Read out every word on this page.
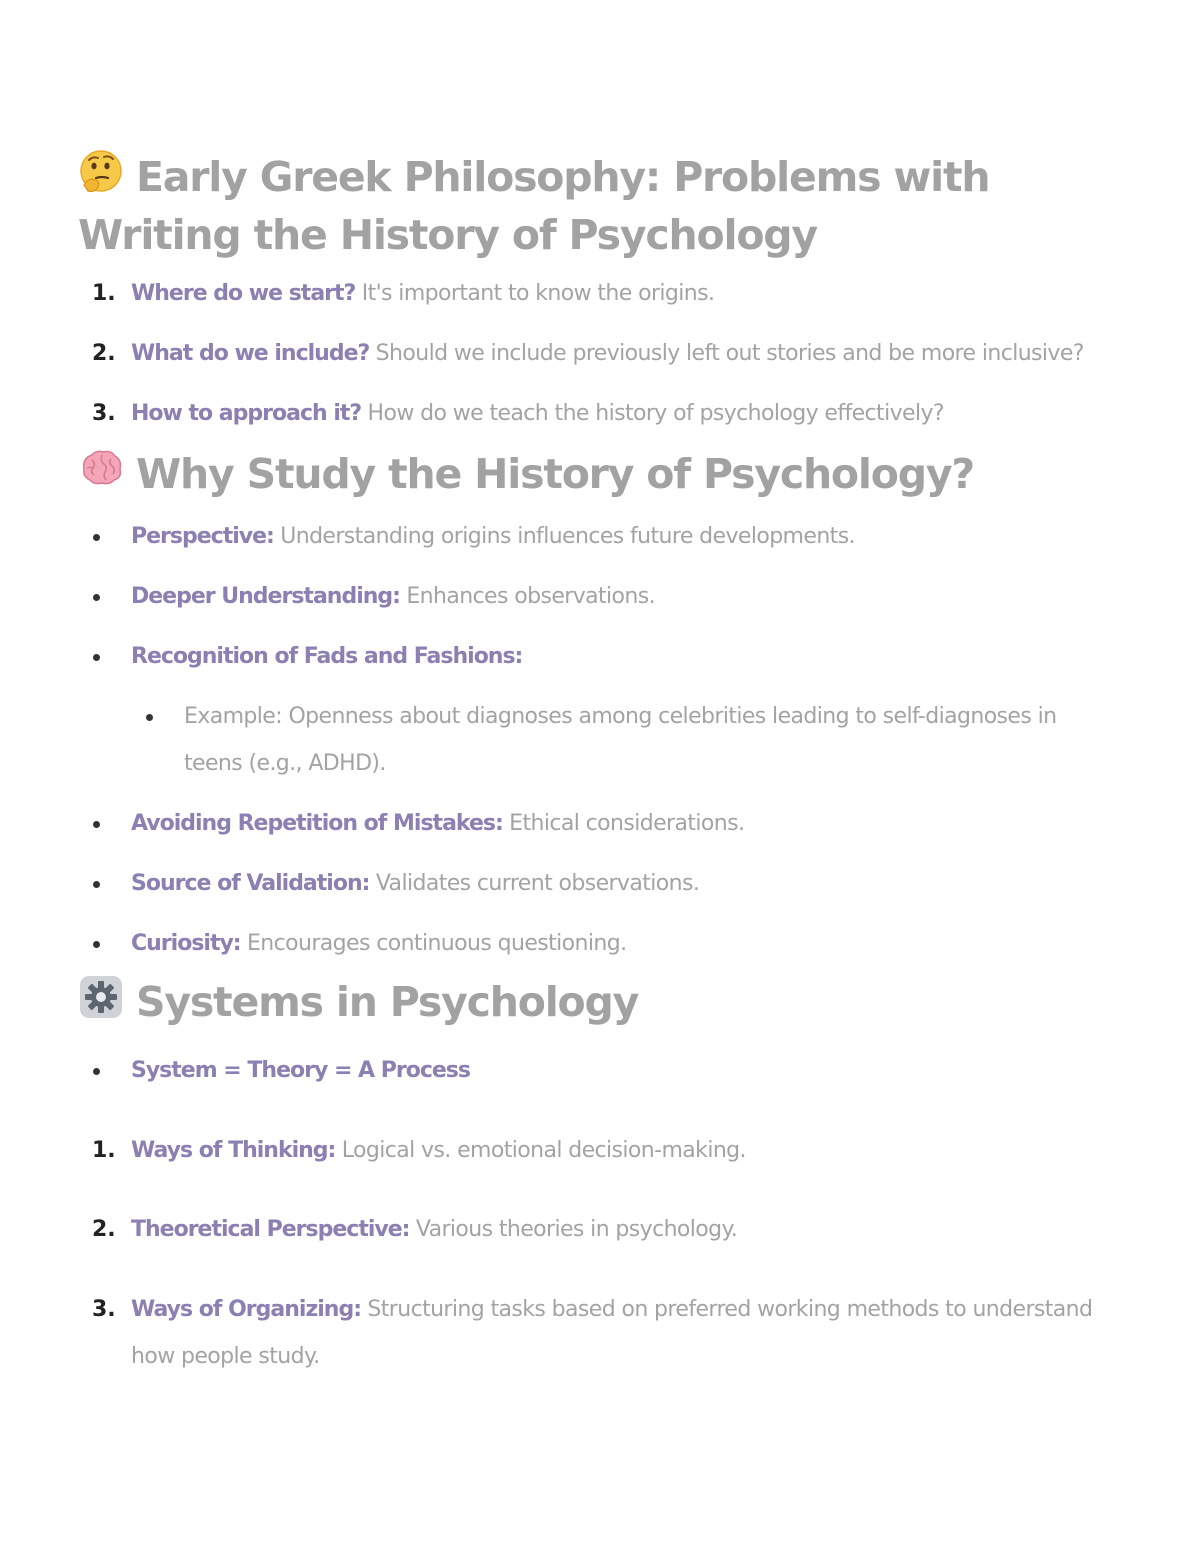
Early Greek Philosophy: Problems with Writing the History of Psychology
1. Where do we start? It's important to know the origins.
2. What do we include? Should we include previously left out stories and be more inclusive?
3. How to approach it? How do we teach the history of psychology effectively?
Why Study the History of Psychology?
Perspective: Understanding origins influences future developments.
Deeper Understanding: Enhances observations.
Recognition of Fads and Fashions:
Example: Openness about diagnoses among celebrities leading to self-diagnoses in teens (e.g., ADHD).
Avoiding Repetition of Mistakes: Ethical considerations.
Source of Validation: Validates current observations.
Curiosity: Encourages continuous questioning.
Systems in Psychology
System = Theory = A Process
1. Ways of Thinking: Logical vs. emotional decision-making.
2. Theoretical Perspective: Various theories in psychology.
3. Ways of Organizing: Structuring tasks based on preferred working methods to understand how people study.
